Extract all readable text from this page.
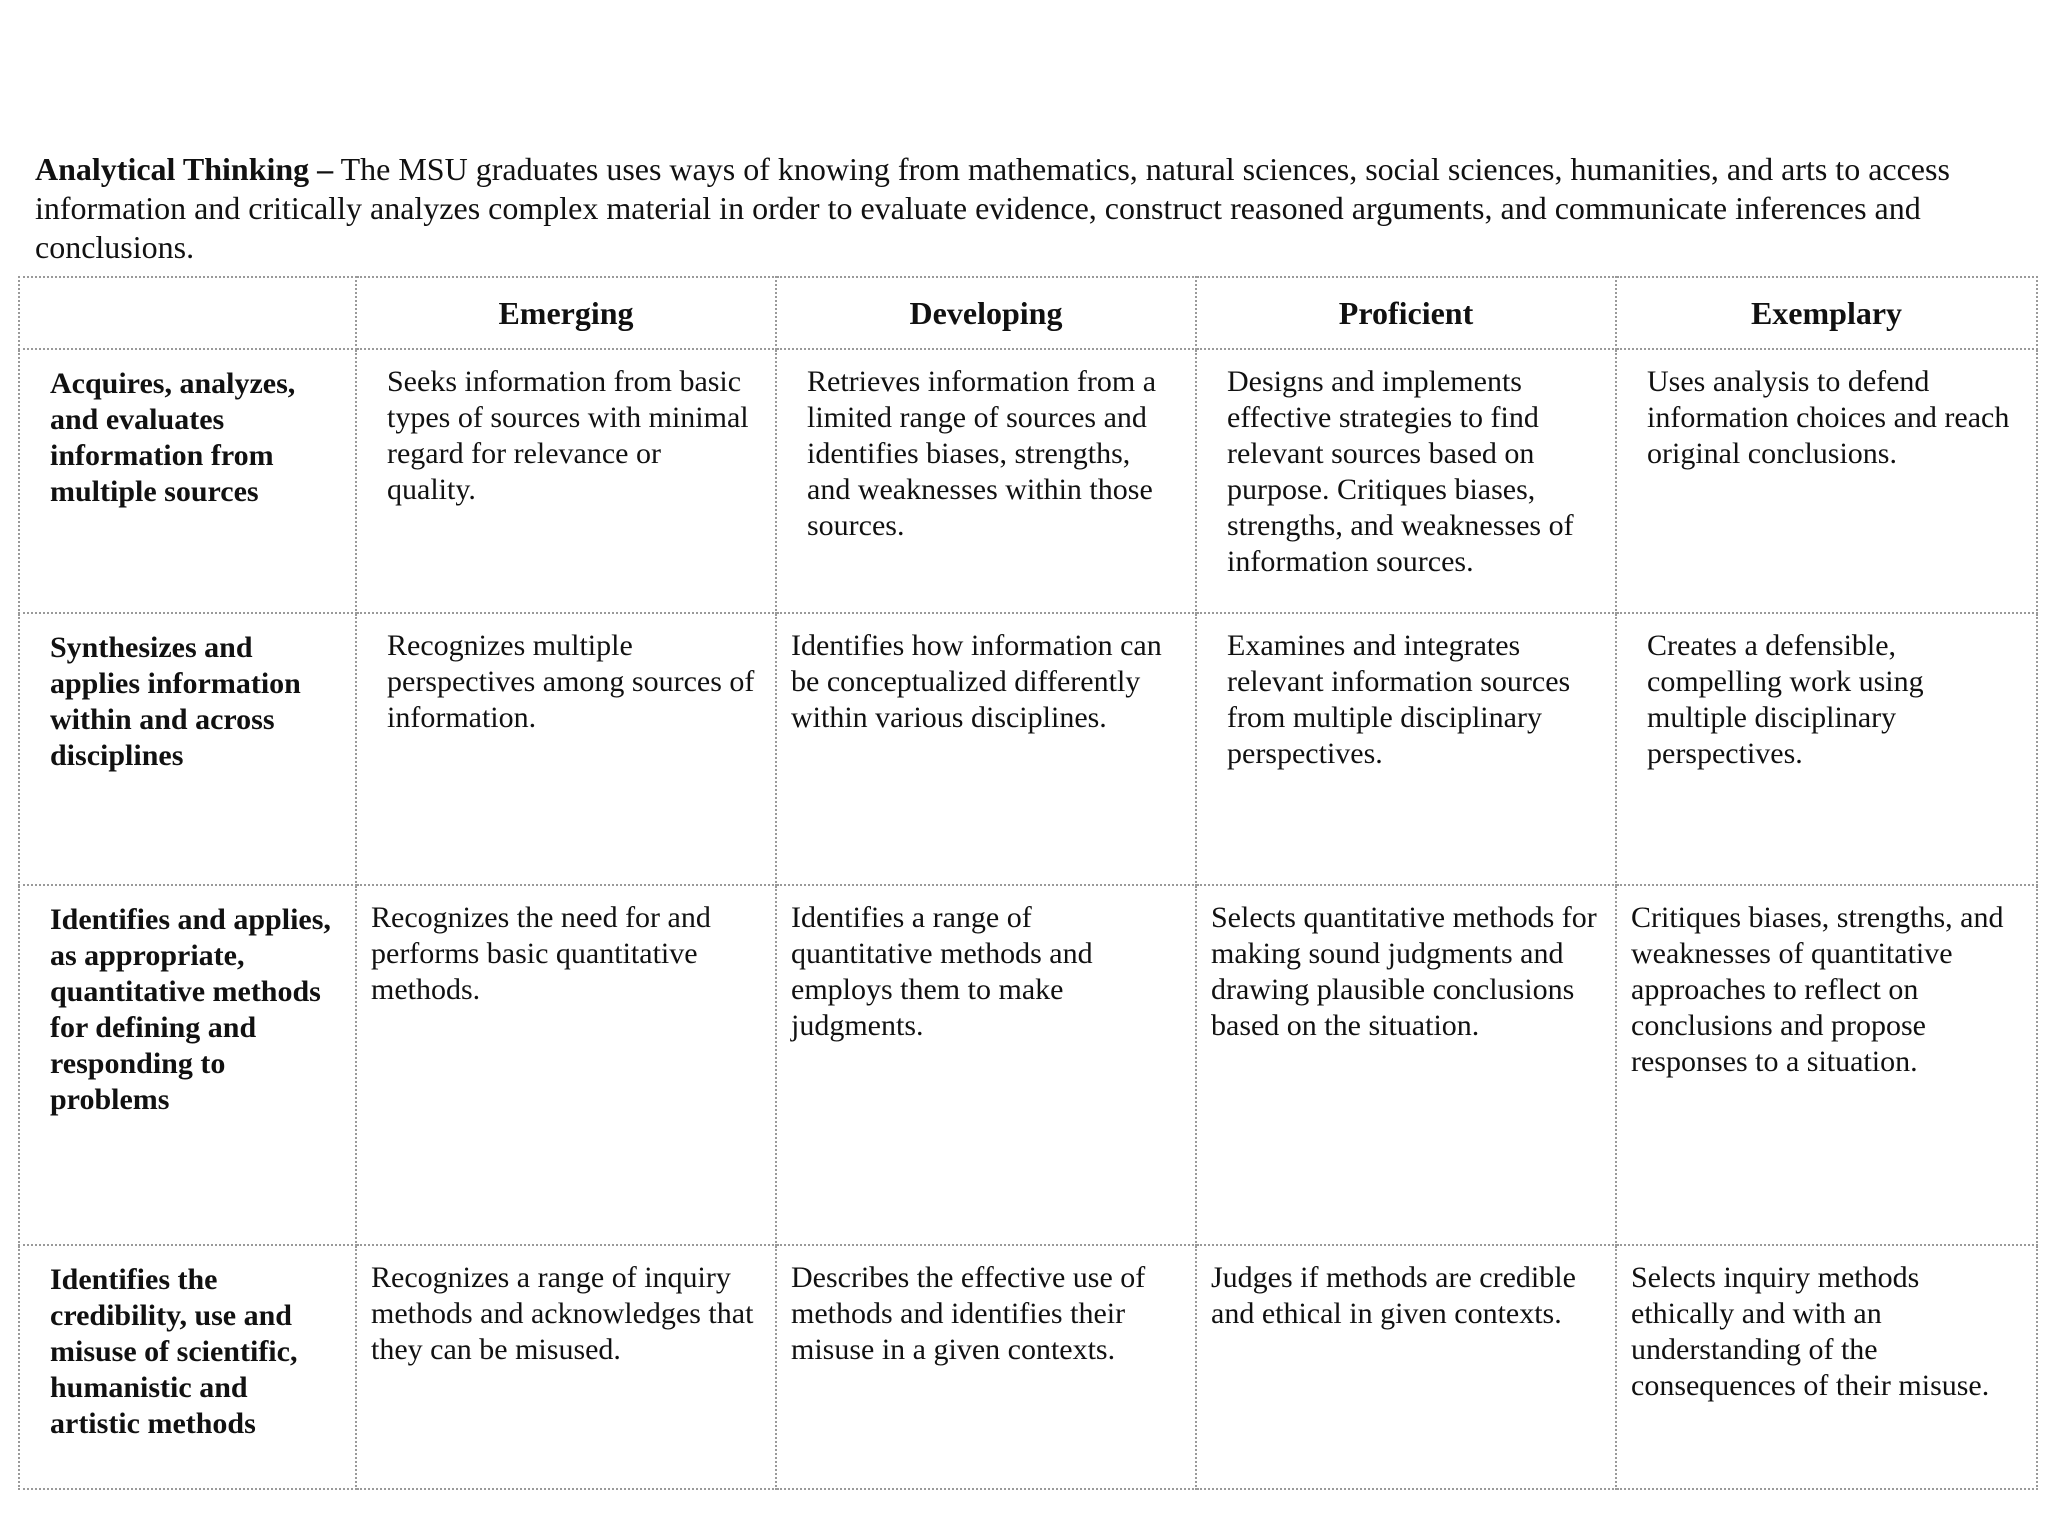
Analytical Thinking – The MSU graduates uses ways of knowing from mathematics, natural sciences, social sciences, humanities, and arts to access information and critically analyzes complex material in order to evaluate evidence, construct reasoned arguments, and communicate inferences and conclusions.

	Emerging	Developing	Proficient	Exemplary
Acquires, analyzes, and evaluates information from multiple sources	Seeks information from basic types of sources with minimal regard for relevance or quality.	Retrieves information from a limited range of sources and identifies biases, strengths, and weaknesses within those sources.	Designs and implements effective strategies to find relevant sources based on purpose. Critiques biases, strengths, and weaknesses of information sources.	Uses analysis to defend information choices and reach original conclusions.
Synthesizes and applies information within and across disciplines	Recognizes multiple perspectives among sources of information.	Identifies how information can be conceptualized differently within various disciplines.	Examines and integrates relevant information sources from multiple disciplinary perspectives.	Creates a defensible, compelling work using multiple disciplinary perspectives.
Identifies and applies, as appropriate, quantitative methods for defining and responding to problems	Recognizes the need for and performs basic quantitative methods.	Identifies a range of quantitative methods and employs them to make judgments.	Selects quantitative methods for making sound judgments and drawing plausible conclusions based on the situation.	Critiques biases, strengths, and weaknesses of quantitative approaches to reflect on conclusions and propose responses to a situation.
Identifies the credibility, use and misuse of scientific, humanistic and artistic methods	Recognizes a range of inquiry methods and acknowledges that they can be misused.	Describes the effective use of methods and identifies their misuse in a given contexts.	Judges if methods are credible and ethical in given contexts.	Selects inquiry methods ethically and with an understanding of the consequences of their misuse.
